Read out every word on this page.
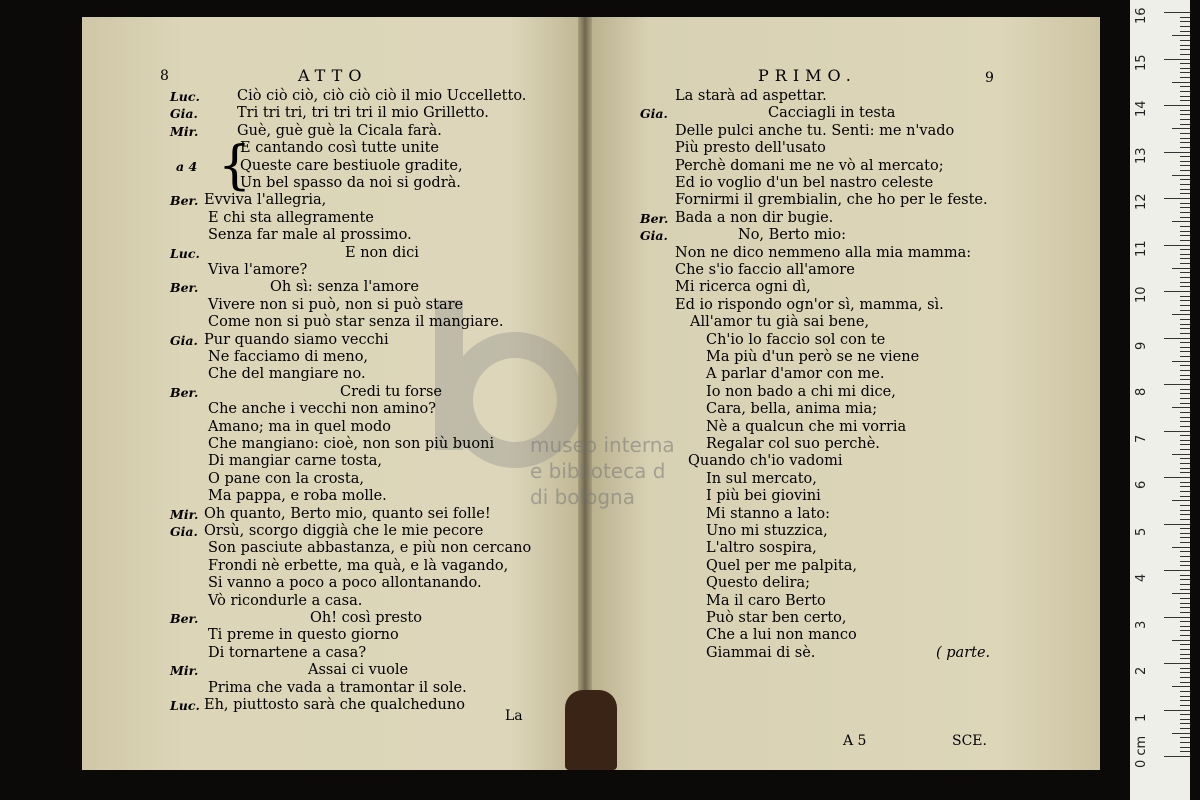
museo interna
e biblioteca d
di bologna
16
15
14
13
12
11
10
9
8
7
6
5
4
3
2
1
0 cm
8	ATTO
Luc.	Ciò ciò ciò, ciò ciò ciò il mio Uccelletto.
Gia.	Tri tri tri, tri tri tri il mio Grilletto.
Mir.	Guè, guè guè la Cicala farà.
E cantando così tutte unite
a 4	Queste care bestiuole gradite,
Un bel spasso da noi si godrà.
Ber. Evviva l'allegria,
E chi sta allegramente
Senza far male al prossimo.
Luc.	E non dici
Viva l'amore?
Ber.	Oh sì: senza l'amore
Vivere non si può, non si può stare
Come non si può star senza il mangiare.
Gia. Pur quando siamo vecchi
Ne facciamo di meno,
Che del mangiare no.
Ber.	Credi tu forse
Che anche i vecchi non amino?
Amano; ma in quel modo
Che mangiano: cioè, non son più buoni
Di mangiar carne tosta,
O pane con la crosta,
Ma pappa, e roba molle.
Mir. Oh quanto, Berto mio, quanto sei folle!
Gia. Orsù, scorgo diggià che le mie pecore
Son pasciute abbastanza, e più non cercano
Frondi nè erbette, ma quà, e là vagando,
Si vanno a poco a poco allontanando.
Vò ricondurle a casa.
Ber.	Oh! così presto
Ti preme in questo giorno
Di tornartene a casa?
Mir.	Assai ci vuole
Prima che vada a tramontar il sole.
Luc. Eh, piuttosto sarà che qualcheduno
{
La
PRIMO.	9
La starà ad aspettar.
Gia.	Cacciagli in testa
Delle pulci anche tu. Senti: me n'vado
Più presto dell'usato
Perchè domani me ne vò al mercato;
Ed io voglio d'un bel nastro celeste
Fornirmi il grembialin, che ho per le feste.
Ber. Bada a non dir bugie.
Gia.	No, Berto mio:
Non ne dico nemmeno alla mia mamma:
Che s'io faccio all'amore
Mi ricerca ogni dì,
Ed io rispondo ogn'or sì, mamma, sì.
All'amor tu già sai bene,
Ch'io lo faccio sol con te
Ma più d'un però se ne viene
A parlar d'amor con me.
Io non bado a chi mi dice,
Cara, bella, anima mia;
Nè a qualcun che mi vorria
Regalar col suo perchè.
Quando ch'io vadomi
In sul mercato,
I più bei giovini
Mi stanno a lato:
Uno mi stuzzica,
L'altro sospira,
Quel per me palpita,
Questo delira;
Ma il caro Berto
Può star ben certo,
Che a lui non manco
Giammai di sè.	( parte.
A 5	SCE.
